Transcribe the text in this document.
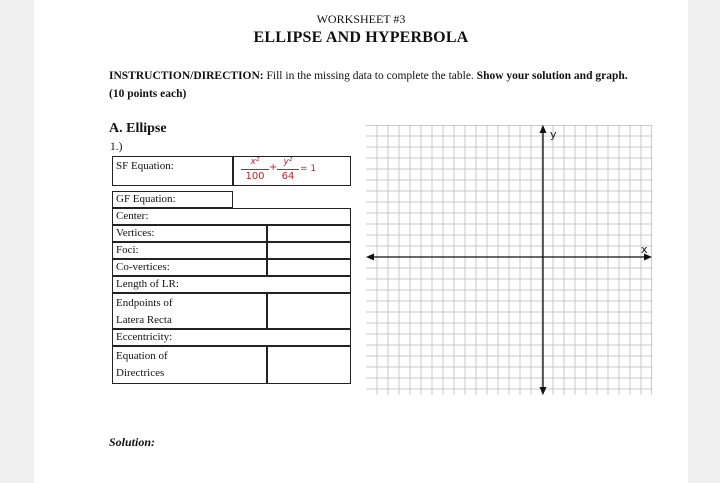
WORKSHEET #3
ELLIPSE AND HYPERBOLA
INSTRUCTION/DIRECTION: Fill in the missing data to complete the table. Show your solution and graph. (10 points each)
A. Ellipse
1.)
SF Equation:	x²
100
+ y²
64
= 1
GF Equation:
Center:
Vertices:
Foci:
Co-vertices:
Length of LR:
Endpoints of
Latera Recta
Eccentricity:
Equation of
Directrices
y
x
Solution:
